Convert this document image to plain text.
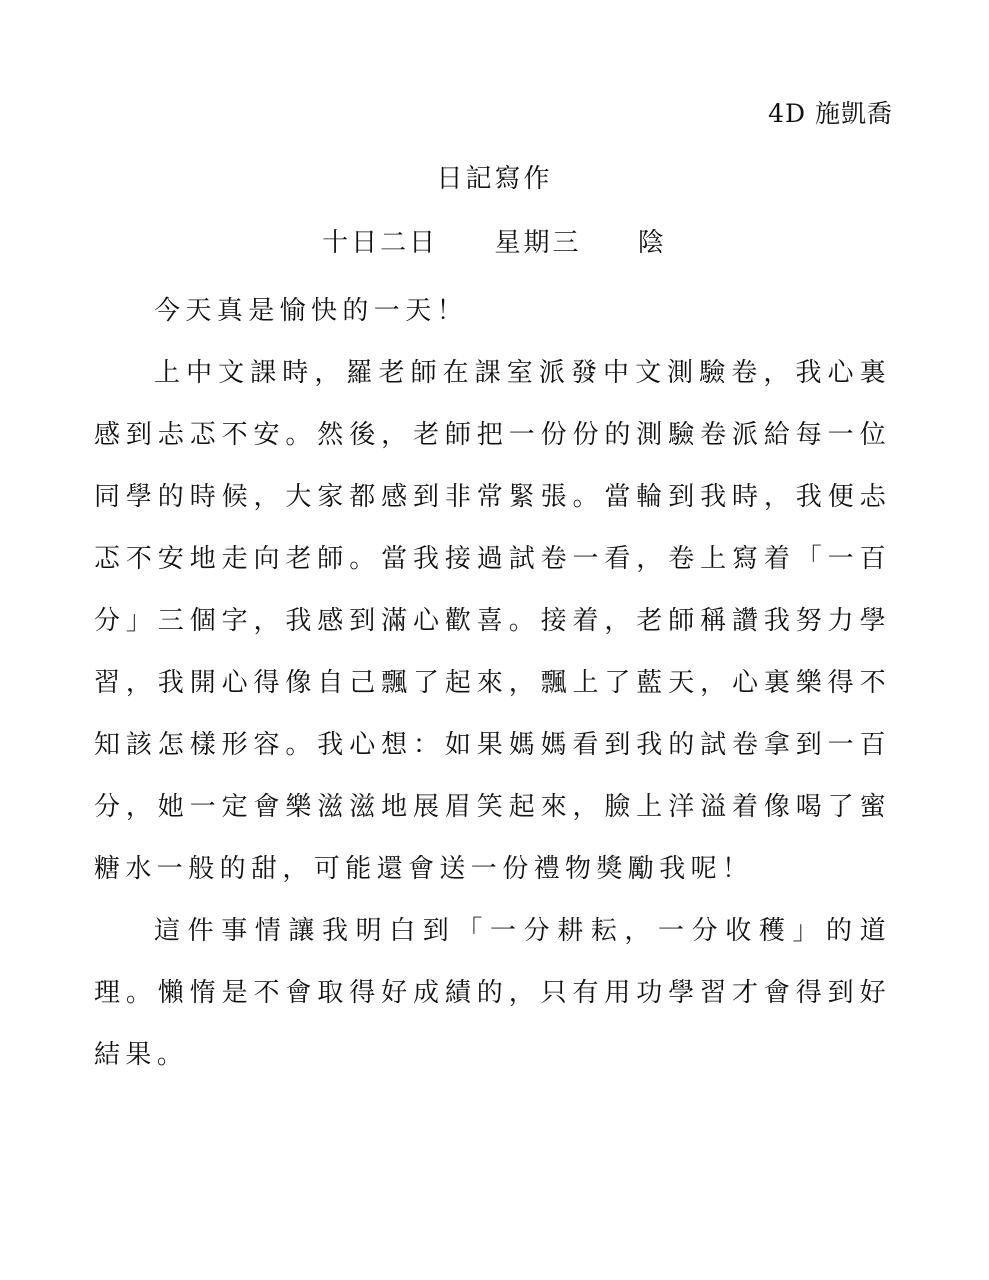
4D 施凱喬
日記寫作
十日二日 星期三 陰

今天真是愉快的一天！

上中文課時，羅老師在課室派發中文測驗卷，我心裏感到忐忑不安。然後，老師把一份份的測驗卷派給每一位同學的時候，大家都感到非常緊張。當輪到我時，我便忐忑不安地走向老師。當我接過試卷一看，卷上寫着「一百分」三個字，我感到滿心歡喜。接着，老師稱讚我努力學習，我開心得像自己飄了起來，飄上了藍天，心裏樂得不知該怎樣形容。我心想：如果媽媽看到我的試卷拿到一百分，她一定會樂滋滋地展眉笑起來，臉上洋溢着像喝了蜜糖水一般的甜，可能還會送一份禮物獎勵我呢！

這件事情讓我明白到「一分耕耘，一分收穫」的道理。懶惰是不會取得好成績的，只有用功學習才會得到好結果。
